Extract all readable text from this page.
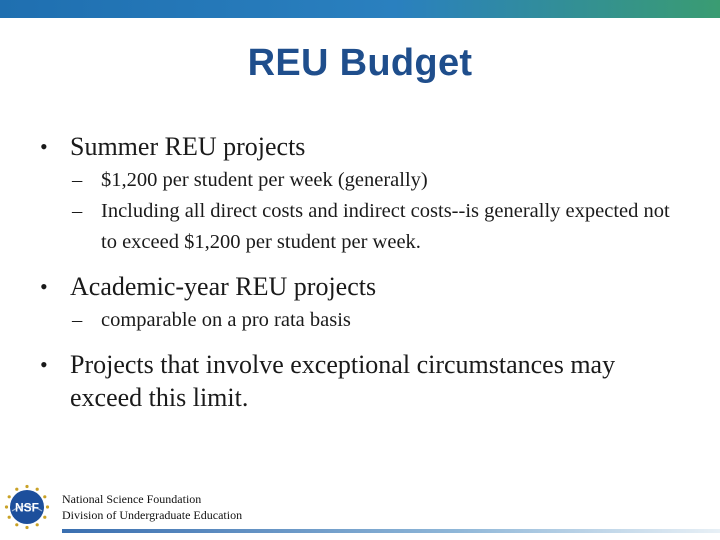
REU Budget
• Summer REU projects
– $1,200 per student per week (generally)
– Including all direct costs and indirect costs--is generally expected not to exceed $1,200 per student per week.
• Academic-year REU projects
– comparable on a pro rata basis
• Projects that involve exceptional circumstances may exceed this limit.
NSF
National Science Foundation
Division of Undergraduate Education
